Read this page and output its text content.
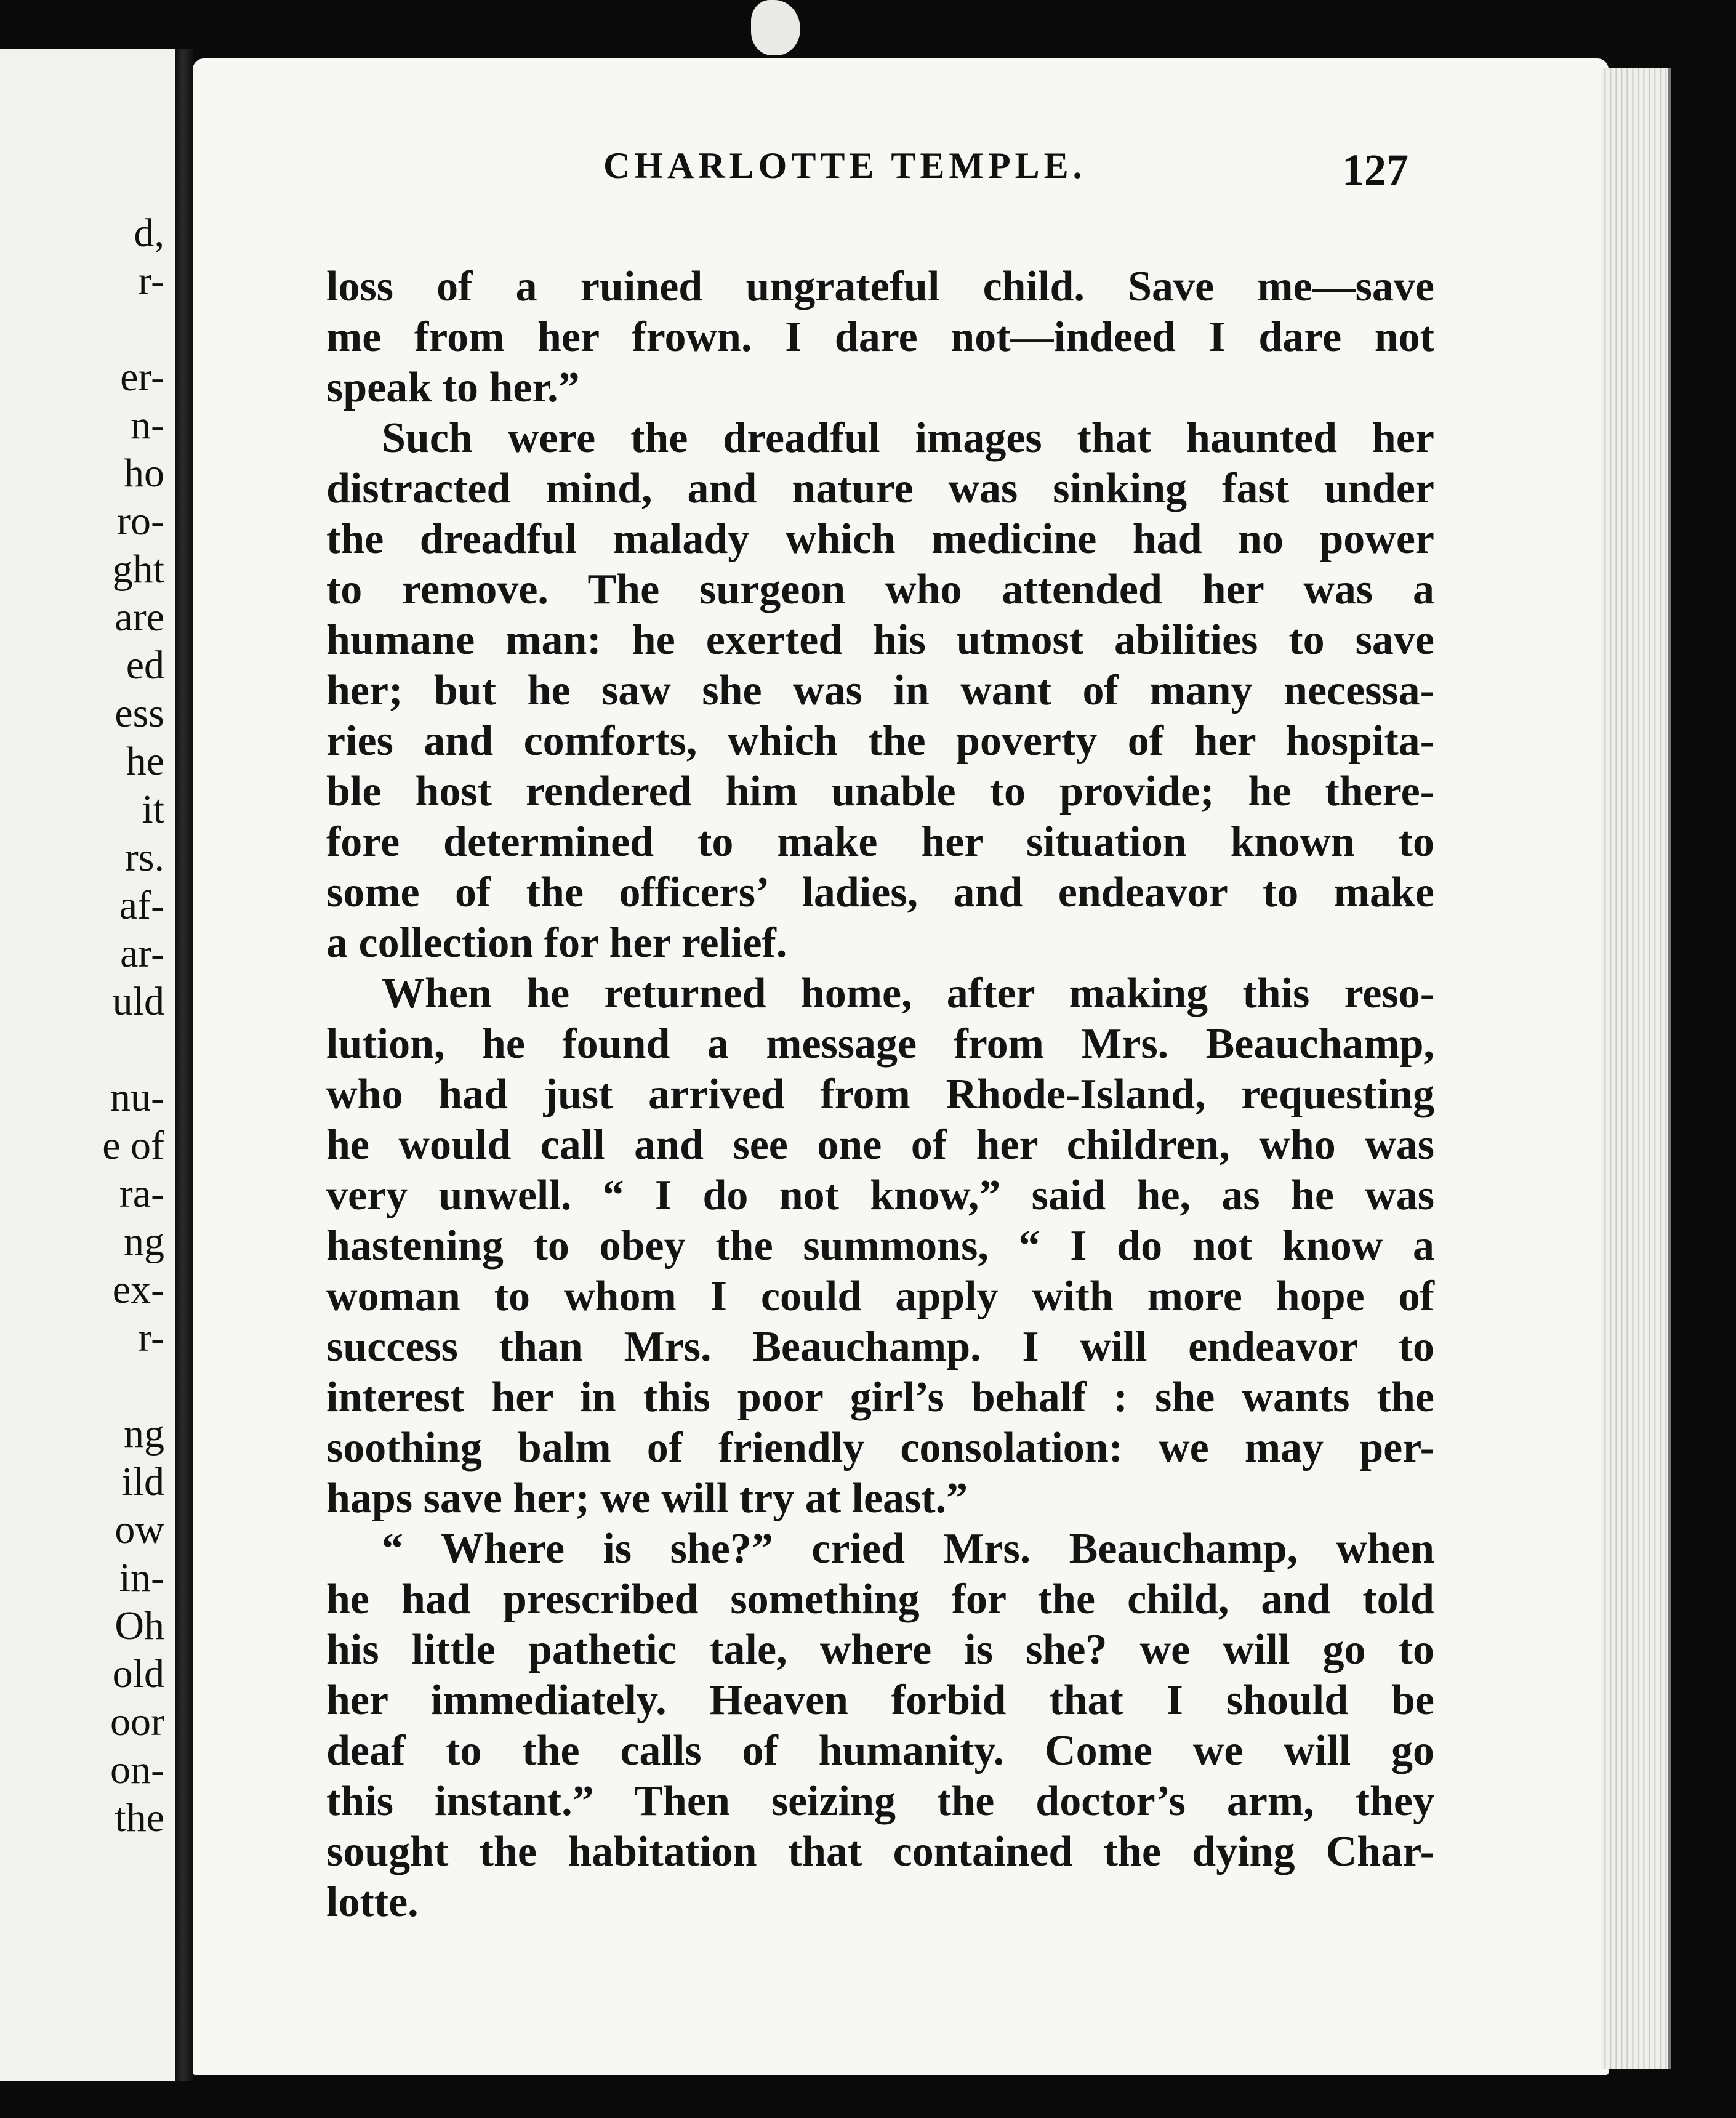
d,
r-
er-
n-
ho
ro-
ght
are
ed
ess
he
it
rs.
af-
ar-
uld
nu-
e of
ra-
ng
ex-
r-
ng
ild
ow
in-
Oh
old
oor
on-
the
CHARLOTTE TEMPLE.	127
loss of a ruined ungrateful child. Save me—save
me from her frown. I dare not—indeed I dare not
speak to her.”
Such were the dreadful images that haunted her
distracted mind, and nature was sinking fast under
the dreadful malady which medicine had no power
to remove. The surgeon who attended her was a
humane man: he exerted his utmost abilities to save
her; but he saw she was in want of many necessa-
ries and comforts, which the poverty of her hospita-
ble host rendered him unable to provide; he there-
fore determined to make her situation known to
some of the officers’ ladies, and endeavor to make
a collection for her relief.
When he returned home, after making this reso-
lution, he found a message from Mrs. Beauchamp,
who had just arrived from Rhode-Island, requesting
he would call and see one of her children, who was
very unwell. “ I do not know,” said he, as he was
hastening to obey the summons, “ I do not know a
woman to whom I could apply with more hope of
success than Mrs. Beauchamp. I will endeavor to
interest her in this poor girl’s behalf : she wants the
soothing balm of friendly consolation: we may per-
haps save her; we will try at least.”
“ Where is she?” cried Mrs. Beauchamp, when
he had prescribed something for the child, and told
his little pathetic tale, where is she? we will go to
her immediately. Heaven forbid that I should be
deaf to the calls of humanity. Come we will go
this instant.” Then seizing the doctor’s arm, they
sought the habitation that contained the dying Char-
lotte.
